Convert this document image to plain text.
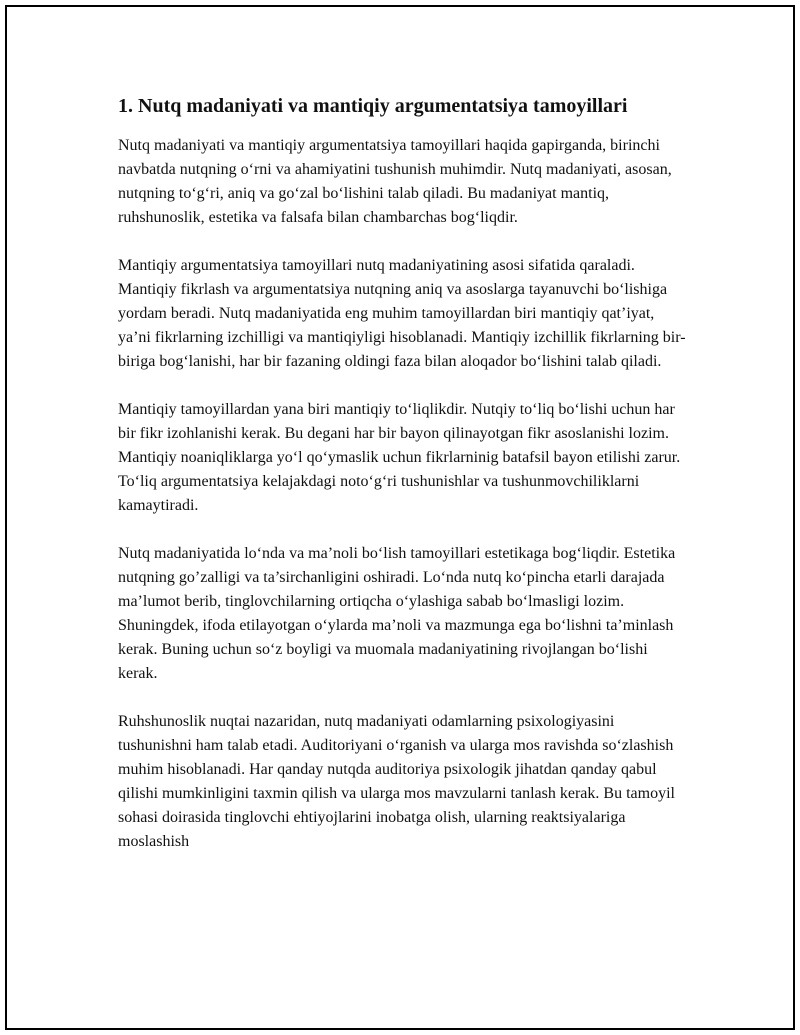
1. Nutq madaniyati va mantiqiy argumentatsiya tamoyillari

Nutq madaniyati va mantiqiy argumentatsiya tamoyillari haqida gapirganda, birinchi navbatda nutqning o‘rni va ahamiyatini tushunish muhimdir. Nutq madaniyati, asosan, nutqning to‘g‘ri, aniq va go‘zal bo‘lishini talab qiladi. Bu madaniyat mantiq, ruhshunoslik, estetika va falsafa bilan chambarchas bog‘liqdir.

Mantiqiy argumentatsiya tamoyillari nutq madaniyatining asosi sifatida qaraladi. Mantiqiy fikrlash va argumentatsiya nutqning aniq va asoslarga tayanuvchi bo‘lishiga yordam beradi. Nutq madaniyatida eng muhim tamoyillardan biri mantiqiy qat’iyat, ya’ni fikrlarning izchilligi va mantiqiyligi hisoblanadi. Mantiqiy izchillik fikrlarning bir-biriga bog‘lanishi, har bir fazaning oldingi faza bilan aloqador bo‘lishini talab qiladi.

Mantiqiy tamoyillardan yana biri mantiqiy to‘liqlikdir. Nutqiy to‘liq bo‘lishi uchun har bir fikr izohlanishi kerak. Bu degani har bir bayon qilinayotgan fikr asoslanishi lozim. Mantiqiy noaniqliklarga yo‘l qo‘ymaslik uchun fikrlarninig batafsil bayon etilishi zarur. To‘liq argumentatsiya kelajakdagi noto‘g‘ri tushunishlar va tushunmovchiliklarni kamaytiradi.

Nutq madaniyatida lo‘nda va ma’noli bo‘lish tamoyillari estetikaga bog‘liqdir. Estetika nutqning go’zalligi va ta’sirchanligini oshiradi. Lo‘nda nutq ko‘pincha etarli darajada ma’lumot berib, tinglovchilarning ortiqcha o‘ylashiga sabab bo‘lmasligi lozim. Shuningdek, ifoda etilayotgan o‘ylarda ma’noli va mazmunga ega bo‘lishni ta’minlash kerak. Buning uchun so‘z boyligi va muomala madaniyatining rivojlangan bo‘lishi kerak.

Ruhshunoslik nuqtai nazaridan, nutq madaniyati odamlarning psixologiyasini tushunishni ham talab etadi. Auditoriyani o‘rganish va ularga mos ravishda so‘zlashish muhim hisoblanadi. Har qanday nutqda auditoriya psixologik jihatdan qanday qabul qilishi mumkinligini taxmin qilish va ularga mos mavzularni tanlash kerak. Bu tamoyil sohasi doirasida tinglovchi ehtiyojlarini inobatga olish, ularning reaktsiyalariga moslashish
